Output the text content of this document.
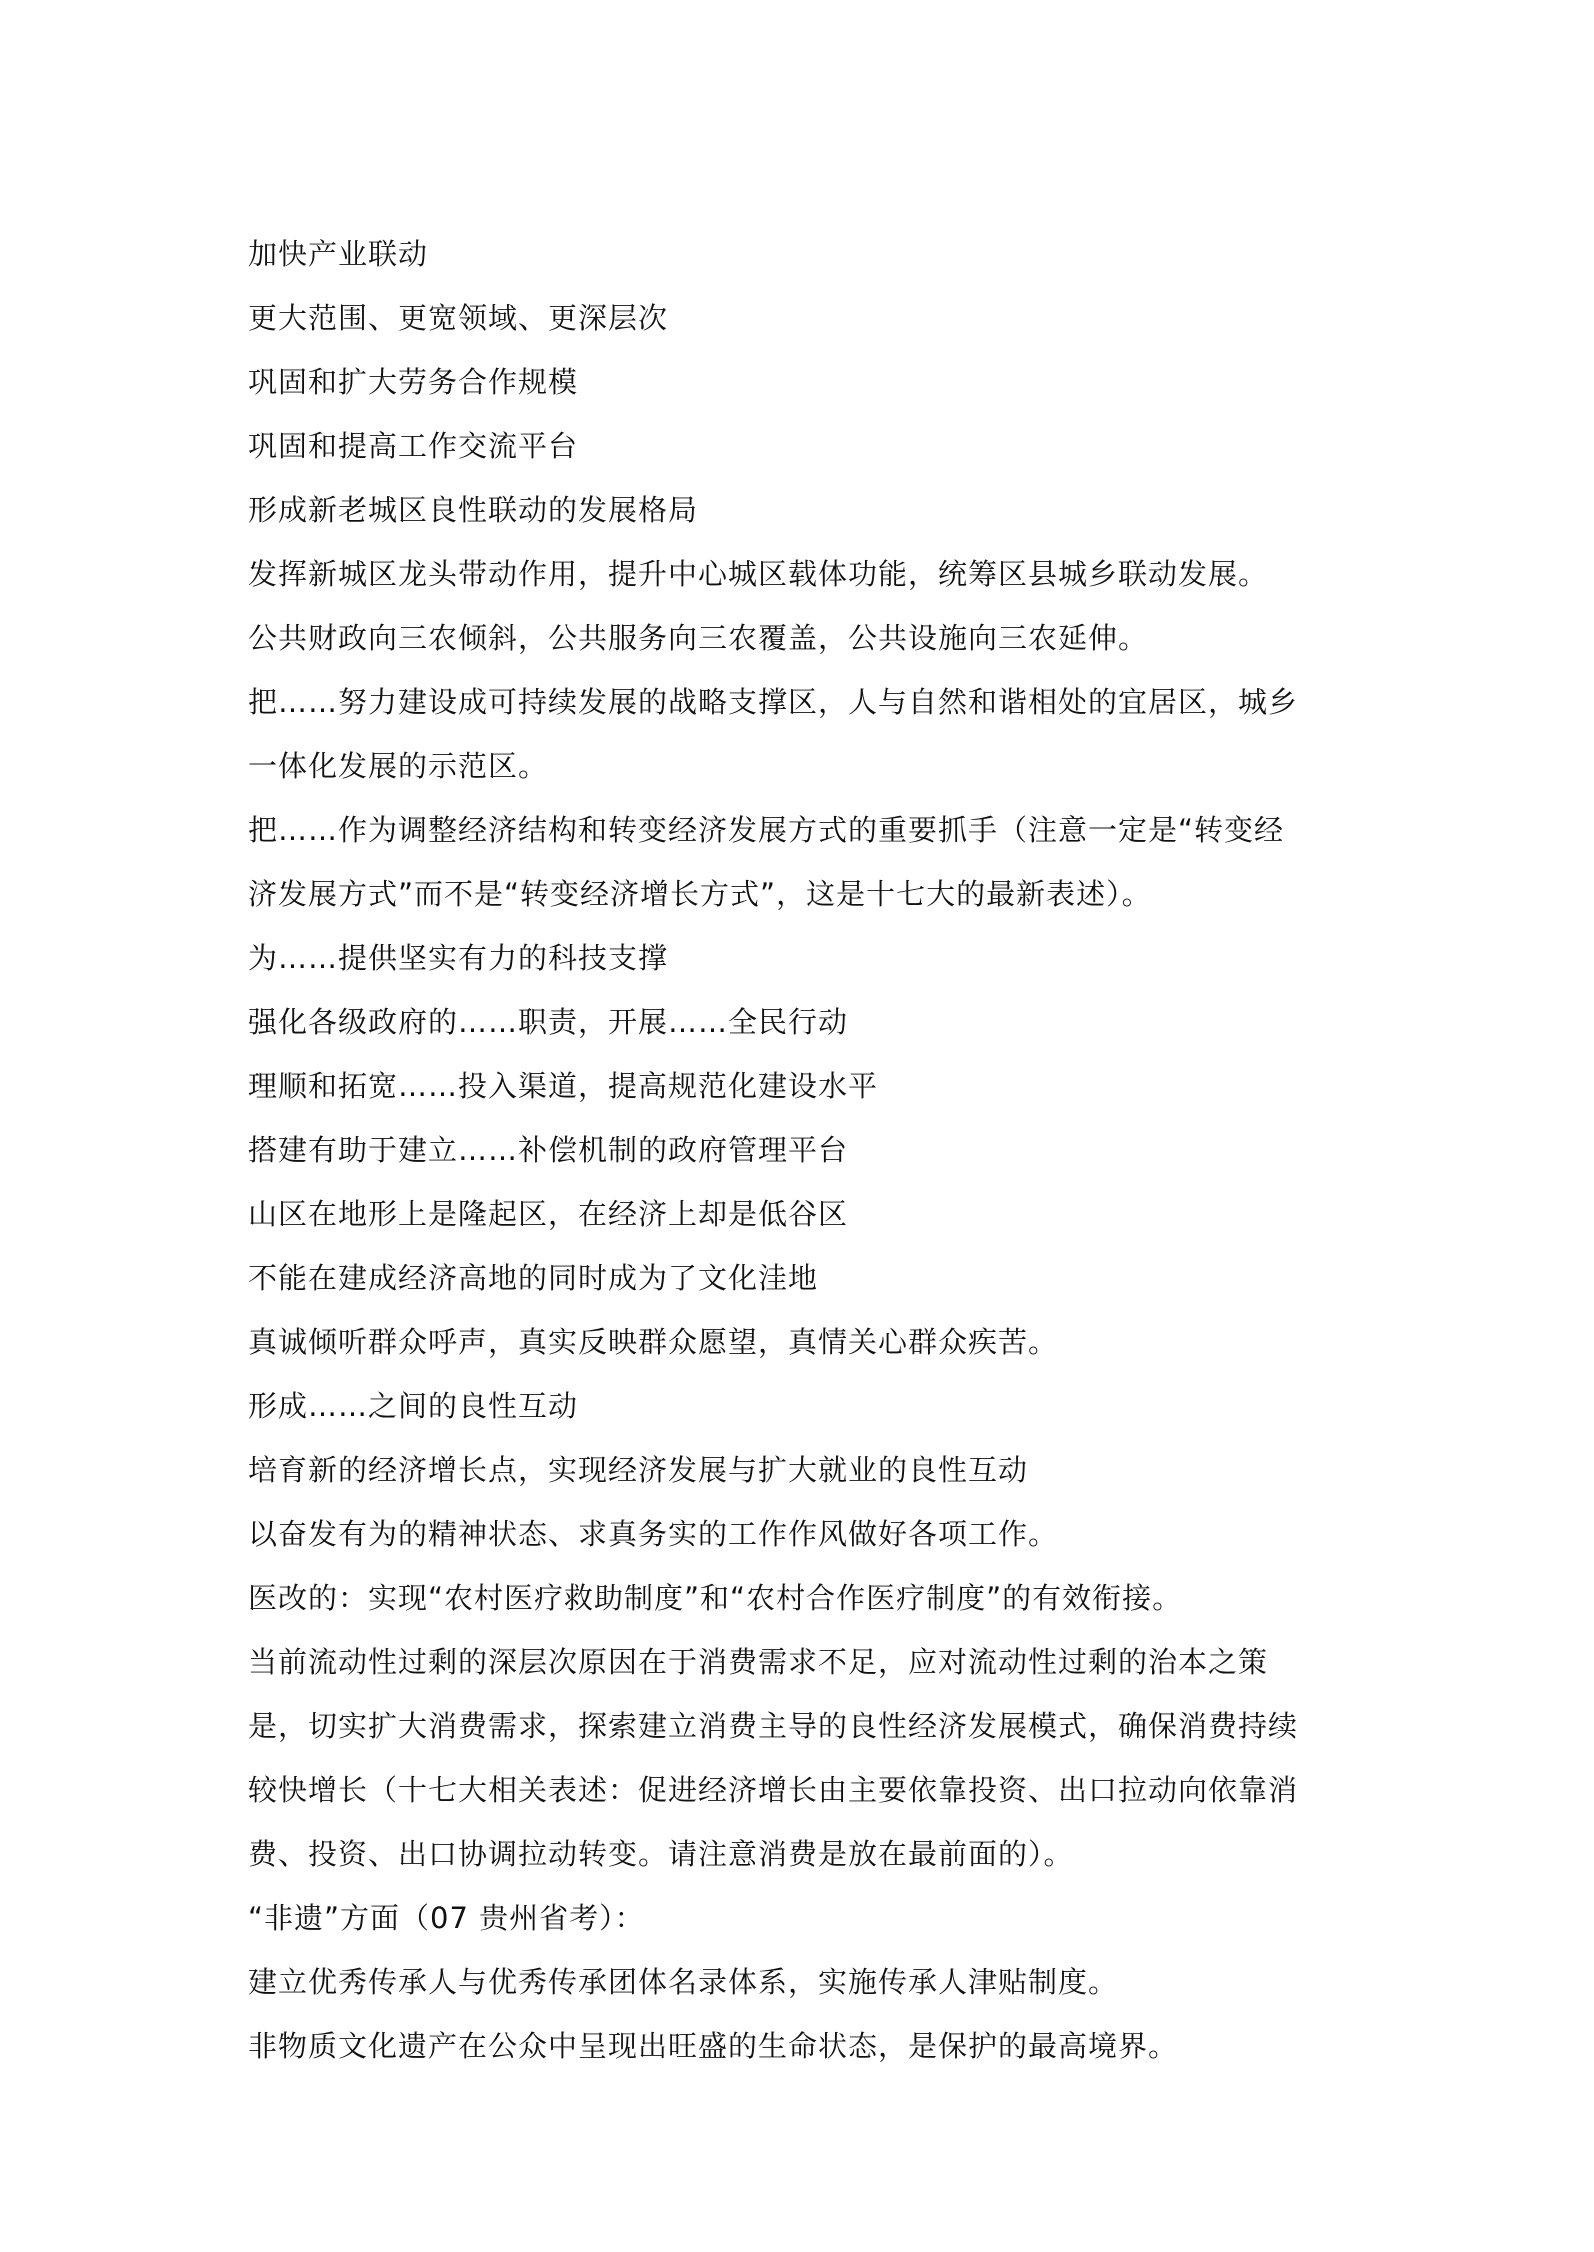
加快产业联动

更大范围、更宽领域、更深层次

巩固和扩大劳务合作规模

巩固和提高工作交流平台

形成新老城区良性联动的发展格局

发挥新城区龙头带动作用，提升中心城区载体功能，统筹区县城乡联动发展。

公共财政向三农倾斜，公共服务向三农覆盖，公共设施向三农延伸。

把……努力建设成可持续发展的战略支撑区，人与自然和谐相处的宜居区，城乡

一体化发展的示范区。

把……作为调整经济结构和转变经济发展方式的重要抓手（注意一定是“转变经

济发展方式”而不是“转变经济增长方式”，这是十七大的最新表述）。

为……提供坚实有力的科技支撑

强化各级政府的……职责，开展……全民行动

理顺和拓宽……投入渠道，提高规范化建设水平

搭建有助于建立……补偿机制的政府管理平台

山区在地形上是隆起区，在经济上却是低谷区

不能在建成经济高地的同时成为了文化洼地

真诚倾听群众呼声，真实反映群众愿望，真情关心群众疾苦。

形成……之间的良性互动

培育新的经济增长点，实现经济发展与扩大就业的良性互动

以奋发有为的精神状态、求真务实的工作作风做好各项工作。

医改的：实现“农村医疗救助制度”和“农村合作医疗制度”的有效衔接。

当前流动性过剩的深层次原因在于消费需求不足，应对流动性过剩的治本之策

是，切实扩大消费需求，探索建立消费主导的良性经济发展模式，确保消费持续

较快增长（十七大相关表述：促进经济增长由主要依靠投资、出口拉动向依靠消

费、投资、出口协调拉动转变。请注意消费是放在最前面的）。

“非遗”方面（07 贵州省考）：

建立优秀传承人与优秀传承团体名录体系，实施传承人津贴制度。

非物质文化遗产在公众中呈现出旺盛的生命状态，是保护的最高境界。
